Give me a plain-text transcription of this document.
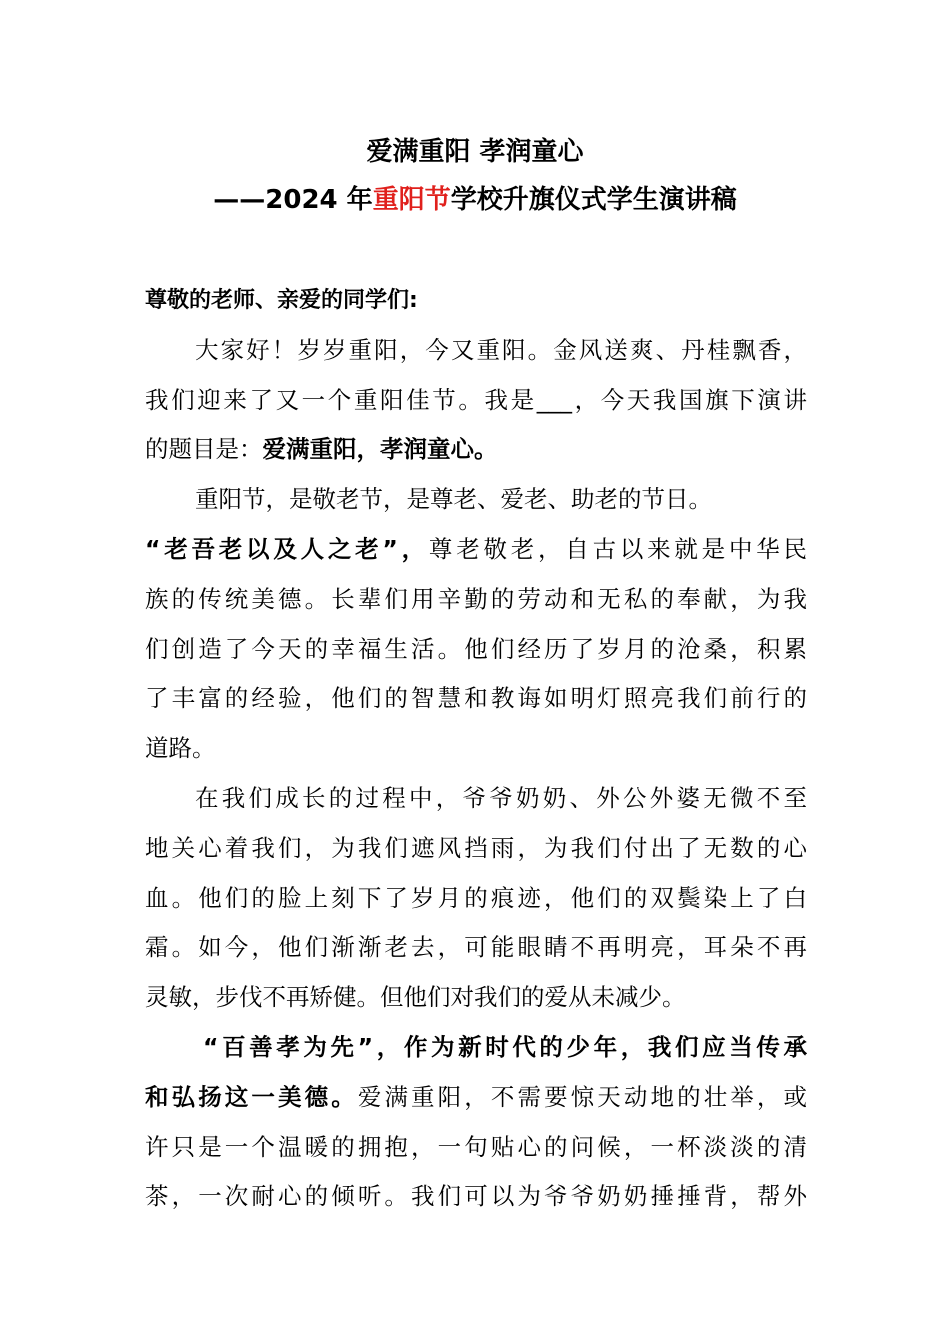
爱满重阳 孝润童心
——2024 年重阳节学校升旗仪式学生演讲稿

尊敬的老师、亲爱的同学们:

大家好！岁岁重阳，今又重阳。金风送爽、丹桂飘香，
我们迎来了又一个重阳佳节。我是___，今天我国旗下演讲
的题目是：爱满重阳，孝润童心。
重阳节，是敬老节，是尊老、爱老、助老的节日。
“老吾老以及人之老”，尊老敬老，自古以来就是中华民
族的传统美德。长辈们用辛勤的劳动和无私的奉献，为我
们创造了今天的幸福生活。他们经历了岁月的沧桑，积累
了丰富的经验，他们的智慧和教诲如明灯照亮我们前行的
道路。
在我们成长的过程中，爷爷奶奶、外公外婆无微不至
地关心着我们，为我们遮风挡雨，为我们付出了无数的心
血。他们的脸上刻下了岁月的痕迹，他们的双鬓染上了白
霜。如今，他们渐渐老去，可能眼睛不再明亮，耳朵不再
灵敏，步伐不再矫健。但他们对我们的爱从未减少。
“百善孝为先”，作为新时代的少年，我们应当传承
和弘扬这一美德。爱满重阳，不需要惊天动地的壮举，或
许只是一个温暖的拥抱，一句贴心的问候，一杯淡淡的清
茶，一次耐心的倾听。我们可以为爷爷奶奶捶捶背，帮外
